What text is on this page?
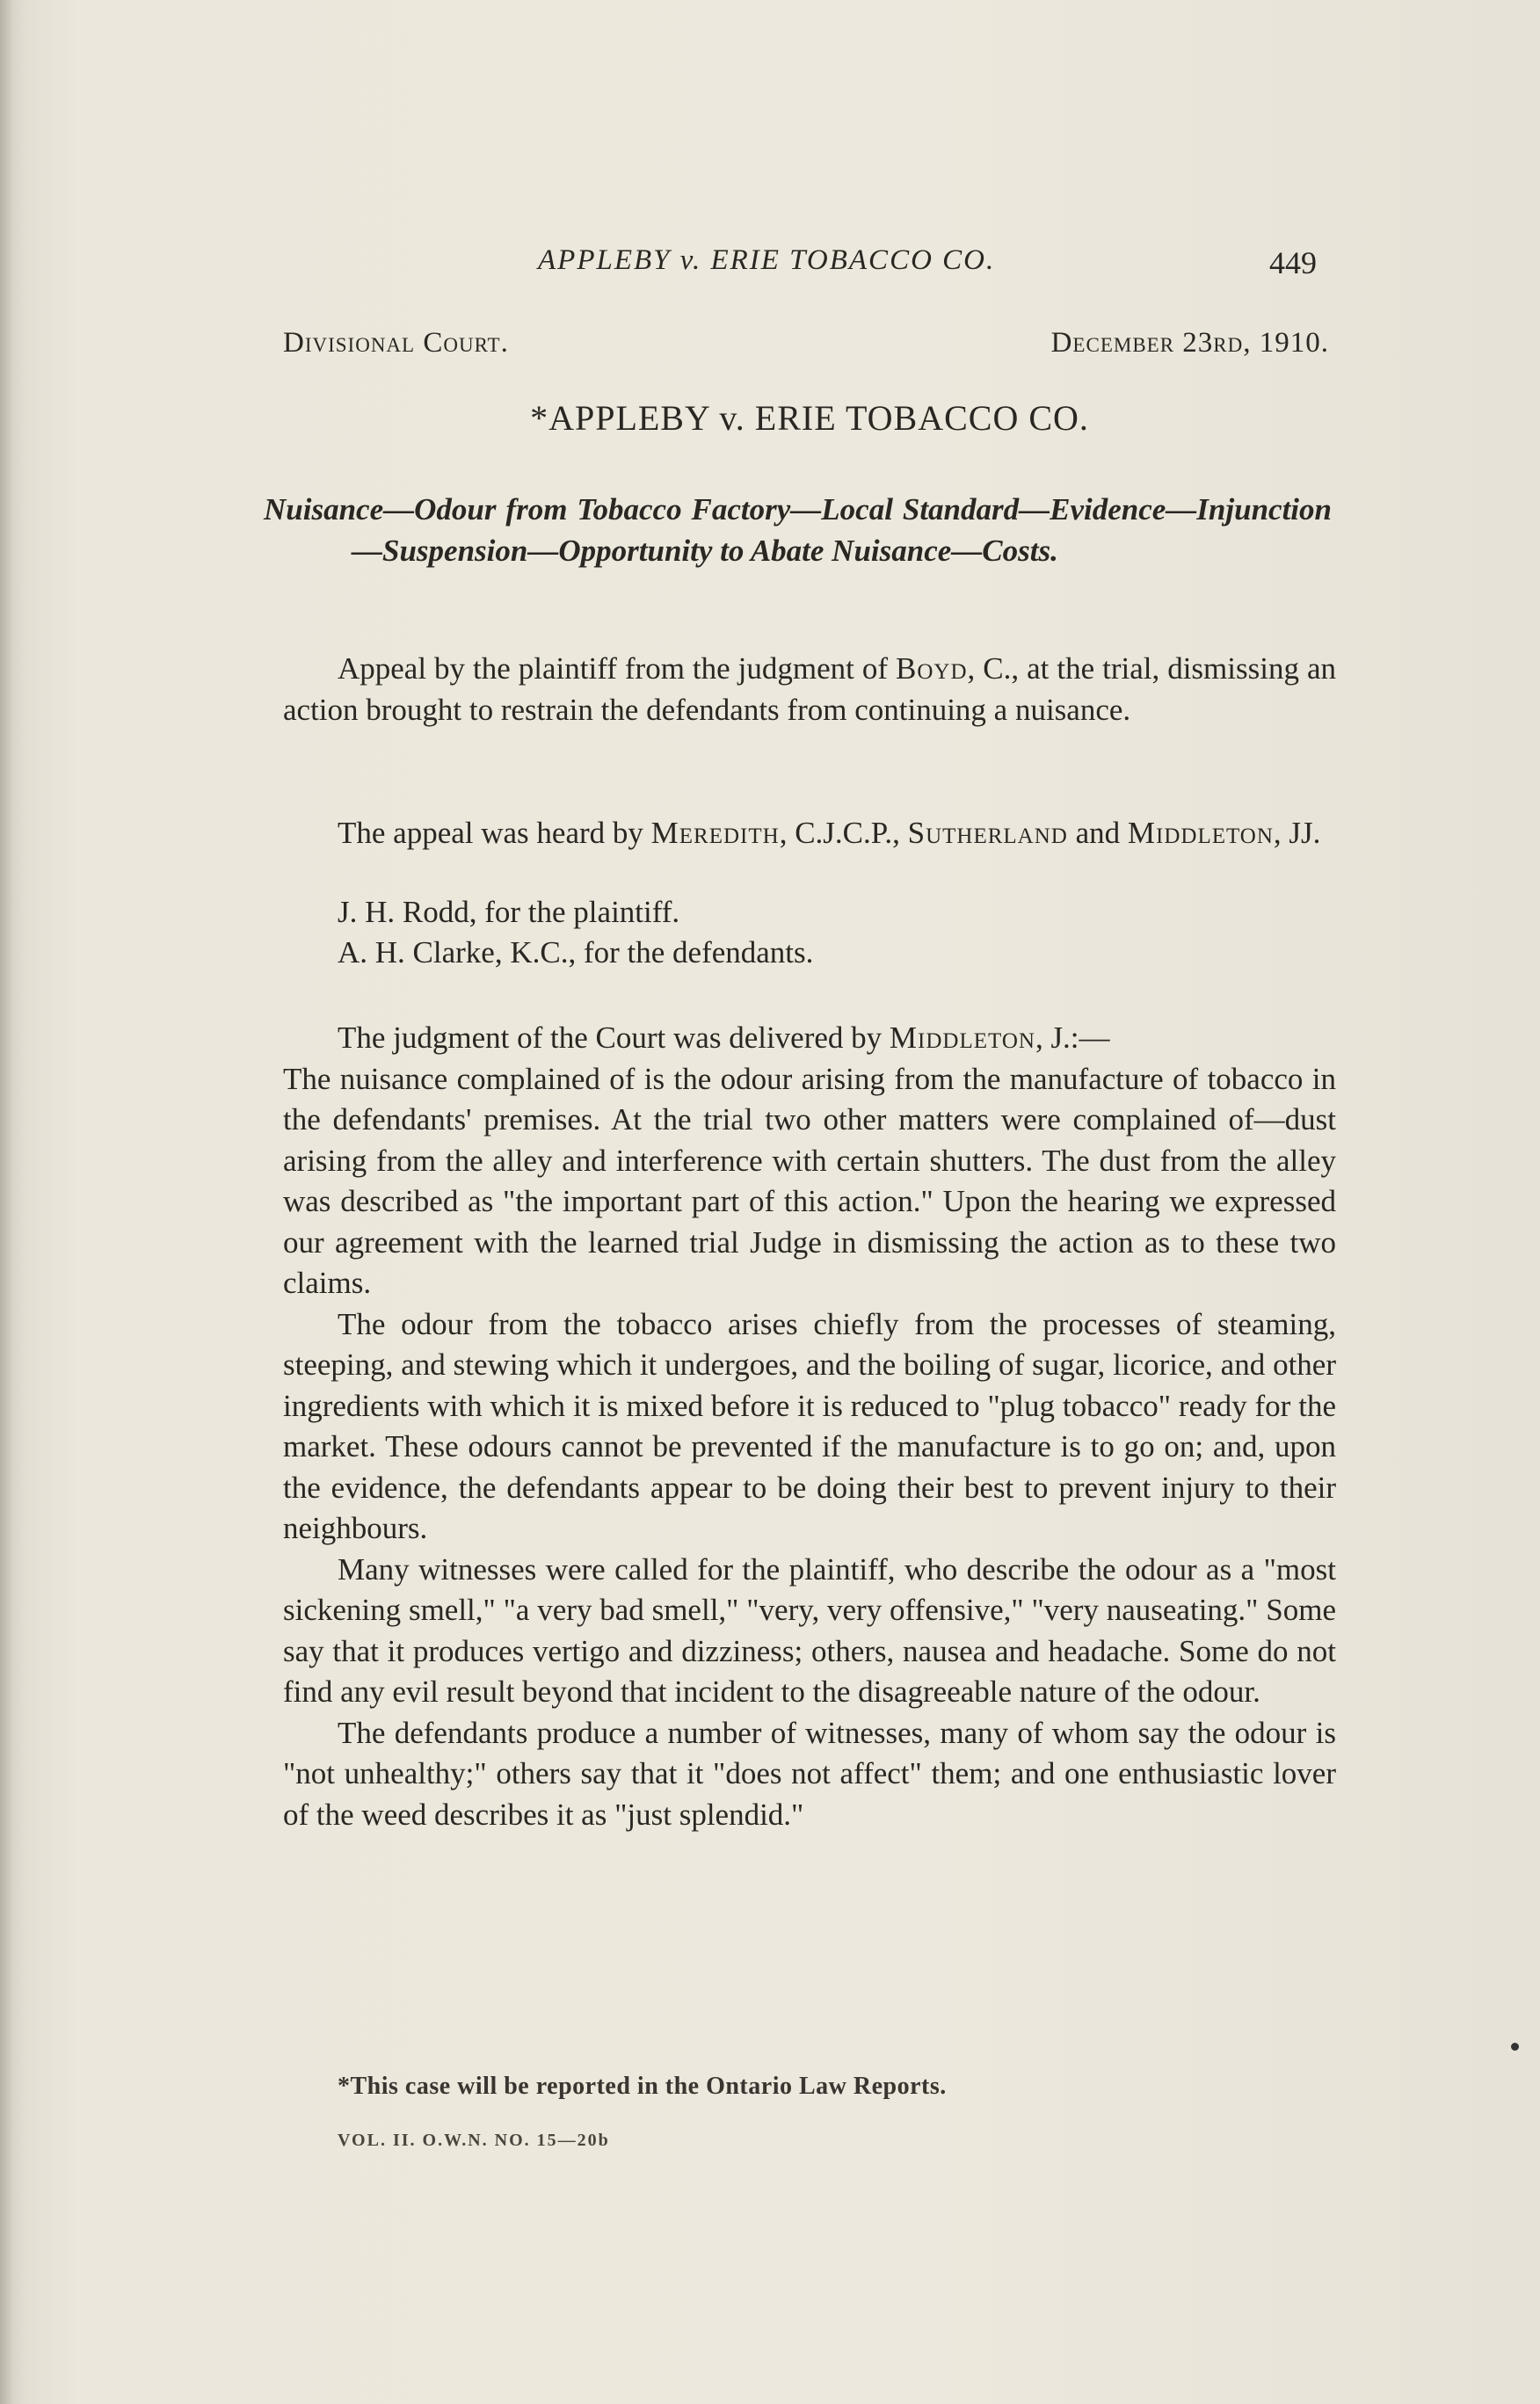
APPLEBY v. ERIE TOBACCO CO.	449
Divisional Court.	December 23rd, 1910.
*APPLEBY v. ERIE TOBACCO CO.
Nuisance—Odour from Tobacco Factory—Local Standard—Evidence—Injunction—Suspension—Opportunity to Abate Nuisance—Costs.

Appeal by the plaintiff from the judgment of Boyd, C., at the trial, dismissing an action brought to restrain the defendants from continuing a nuisance.

The appeal was heard by Meredith, C.J.C.P., Sutherland and Middleton, JJ.

J. H. Rodd, for the plaintiff.
A. H. Clarke, K.C., for the defendants.

The judgment of the Court was delivered by Middleton, J.:—

The nuisance complained of is the odour arising from the manufacture of tobacco in the defendants' premises. At the trial two other matters were complained of—dust arising from the alley and interference with certain shutters. The dust from the alley was described as "the important part of this action." Upon the hearing we expressed our agreement with the learned trial Judge in dismissing the action as to these two claims.

The odour from the tobacco arises chiefly from the processes of steaming, steeping, and stewing which it undergoes, and the boiling of sugar, licorice, and other ingredients with which it is mixed before it is reduced to "plug tobacco" ready for the market. These odours cannot be prevented if the manufacture is to go on; and, upon the evidence, the defendants appear to be doing their best to prevent injury to their neighbours.

Many witnesses were called for the plaintiff, who describe the odour as a "most sickening smell," "a very bad smell," "very, very offensive," "very nauseating." Some say that it produces vertigo and dizziness; others, nausea and headache. Some do not find any evil result beyond that incident to the disagreeable nature of the odour.

The defendants produce a number of witnesses, many of whom say the odour is "not unhealthy;" others say that it "does not affect" them; and one enthusiastic lover of the weed describes it as "just splendid."

*This case will be reported in the Ontario Law Reports.
VOL. II. O.W.N. NO. 15—20b
